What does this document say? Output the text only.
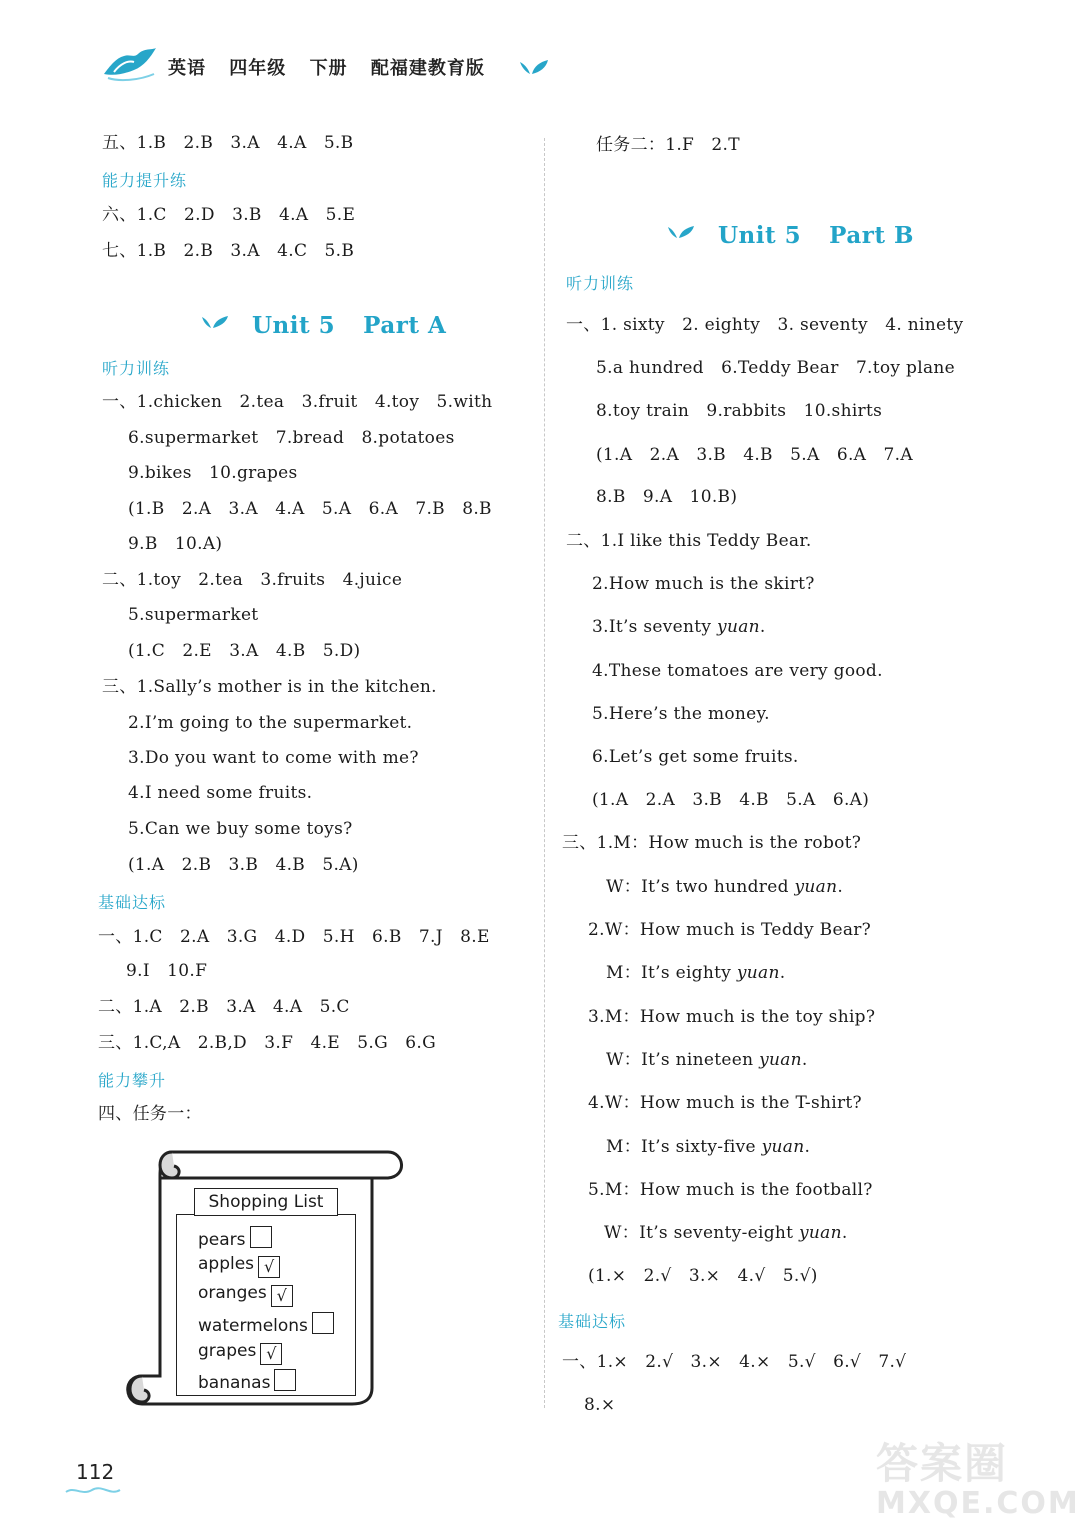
英语 四年级 下册 配福建教育版
五、1.B　2.B　3.A　4.A　5.B
能力提升练
六、1.C　2.D　3.B　4.A　5.E
七、1.B　2.B　3.A　4.C　5.B
Unit 5 Part A
听力训练
一、1.chicken　2.tea　3.fruit　4.toy　5.with
6.supermarket　7.bread　8.potatoes
9.bikes　10.grapes
(1.B　2.A　3.A　4.A　5.A　6.A　7.B　8.B
9.B　10.A)
二、1.toy　2.tea　3.fruits　4.juice
5.supermarket
(1.C　2.E　3.A　4.B　5.D)
三、1.Sally’s mother is in the kitchen.
2.I’m going to the supermarket.
3.Do you want to come with me?
4.I need some fruits.
5.Can we buy some toys?
(1.A　2.B　3.B　4.B　5.A)
基础达标
一、1.C　2.A　3.G　4.D　5.H　6.B　7.J　8.E
9.I　10.F
二、1.A　2.B　3.A　4.A　5.C
三、1.C,A　2.B,D　3.F　4.E　5.G　6.G
能力攀升
四、任务一：
Shopping List
pears
apples √
oranges √
watermelons
grapes √
bananas
任务二：1.F　2.T
Unit 5 Part B
听力训练
一、1. sixty　2. eighty　3. seventy　4. ninety
5.a hundred　6.Teddy Bear　7.toy plane
8.toy train　9.rabbits　10.shirts
(1.A　2.A　3.B　4.B　5.A　6.A　7.A
8.B　9.A　10.B)
二、1.I like this Teddy Bear.
2.How much is the skirt?
3.It’s seventy yuan.
4.These tomatoes are very good.
5.Here’s the money.
6.Let’s get some fruits.
(1.A　2.A　3.B　4.B　5.A　6.A)
三、1.M：How much is the robot?
W：It’s two hundred yuan.
2.W：How much is Teddy Bear?
M：It’s eighty yuan.
3.M：How much is the toy ship?
W：It’s nineteen yuan.
4.W：How much is the T-shirt?
M：It’s sixty-five yuan.
5.M：How much is the football?
W：It’s seventy-eight yuan.
(1.×　2.√　3.×　4.√　5.√)
基础达标
一、1.×　2.√　3.×　4.×　5.√　6.√　7.√
8.×
112	答案圈
MXQE.COM
